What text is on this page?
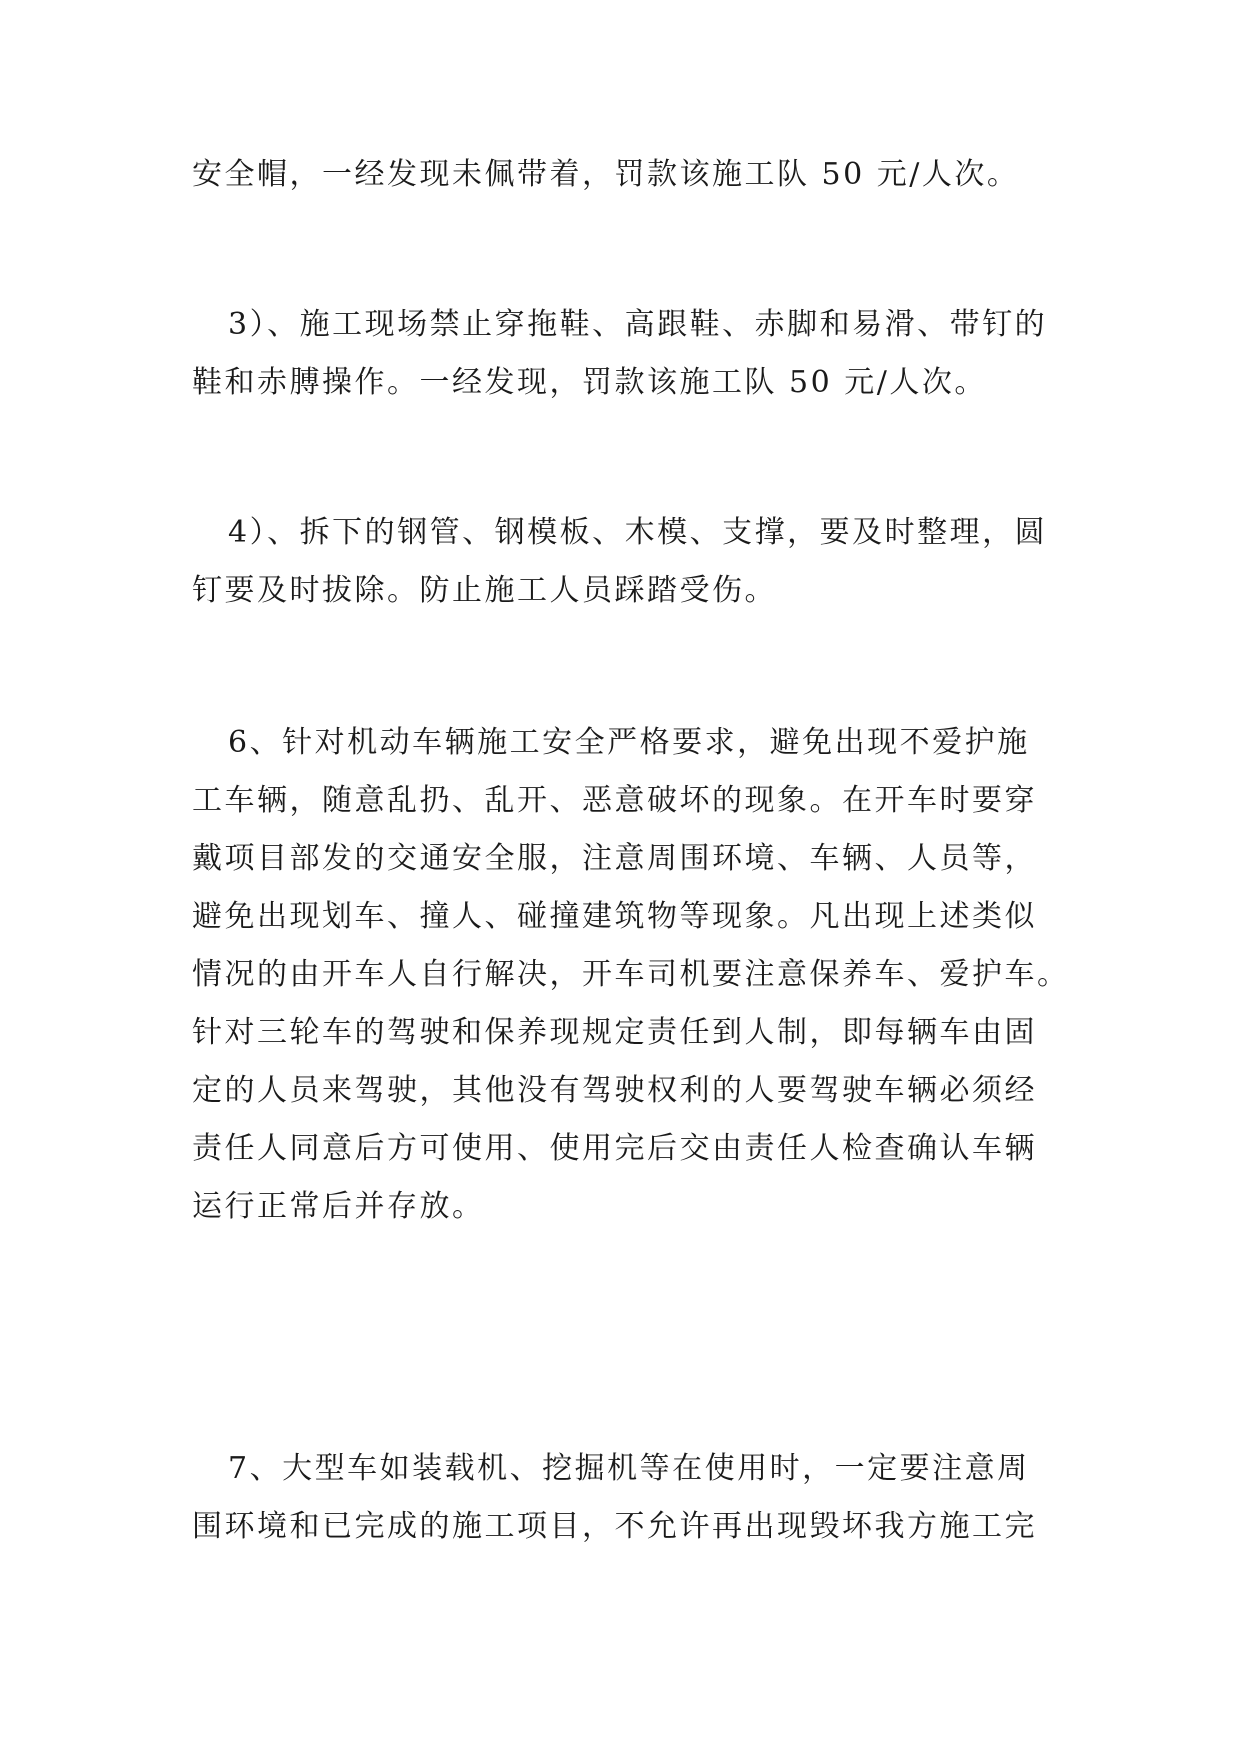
安全帽，一经发现未佩带着，罚款该施工队 50 元/人次。
3）、施工现场禁止穿拖鞋、高跟鞋、赤脚和易滑、带钉的
鞋和赤膊操作。一经发现，罚款该施工队 50 元/人次。
4）、拆下的钢管、钢模板、木模、支撑，要及时整理，圆
钉要及时拔除。防止施工人员踩踏受伤。
6、针对机动车辆施工安全严格要求，避免出现不爱护施
工车辆，随意乱扔、乱开、恶意破坏的现象。在开车时要穿
戴项目部发的交通安全服，注意周围环境、车辆、人员等，
避免出现划车、撞人、碰撞建筑物等现象。凡出现上述类似
情况的由开车人自行解决，开车司机要注意保养车、爱护车。
针对三轮车的驾驶和保养现规定责任到人制，即每辆车由固
定的人员来驾驶，其他没有驾驶权利的人要驾驶车辆必须经
责任人同意后方可使用、使用完后交由责任人检查确认车辆
运行正常后并存放。
7、大型车如装载机、挖掘机等在使用时，一定要注意周
围环境和已完成的施工项目，不允许再出现毁坏我方施工完
